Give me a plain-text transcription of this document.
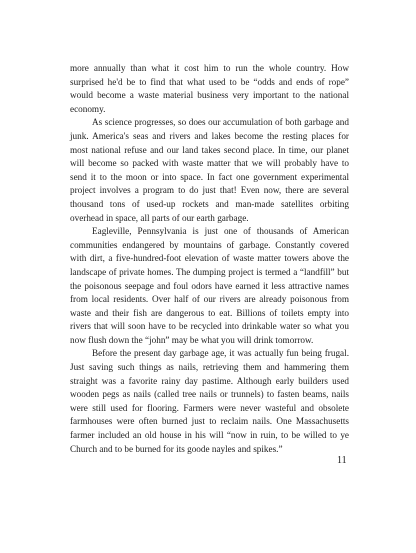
more annually than what it cost him to run the whole country. How surprised he'd be to find that what used to be “odds and ends of rope” would become a waste material business very important to the national economy.

As science progresses, so does our accumulation of both garbage and junk. America's seas and rivers and lakes become the resting places for most national refuse and our land takes second place. In time, our planet will become so packed with waste matter that we will probably have to send it to the moon or into space. In fact one government experimental project involves a program to do just that! Even now, there are several thousand tons of used-up rockets and man-made satellites orbiting overhead in space, all parts of our earth garbage.

Eagleville, Pennsylvania is just one of thousands of American communities endangered by mountains of garbage. Constantly covered with dirt, a five-hundred-foot elevation of waste matter towers above the landscape of private homes. The dumping project is termed a “landfill” but the poisonous seepage and foul odors have earned it less attractive names from local residents. Over half of our rivers are already poisonous from waste and their fish are dangerous to eat. Billions of toilets empty into rivers that will soon have to be recycled into drinkable water so what you now flush down the “john” may be what you will drink tomorrow.

Before the present day garbage age, it was actually fun being frugal. Just saving such things as nails, retrieving them and hammering them straight was a favorite rainy day pastime. Although early builders used wooden pegs as nails (called tree nails or trunnels) to fasten beams, nails were still used for flooring. Farmers were never wasteful and obsolete farmhouses were often burned just to reclaim nails. One Massachusetts farmer included an old house in his will “now in ruin, to be willed to ye Church and to be burned for its goode nayles and spikes.”

11
